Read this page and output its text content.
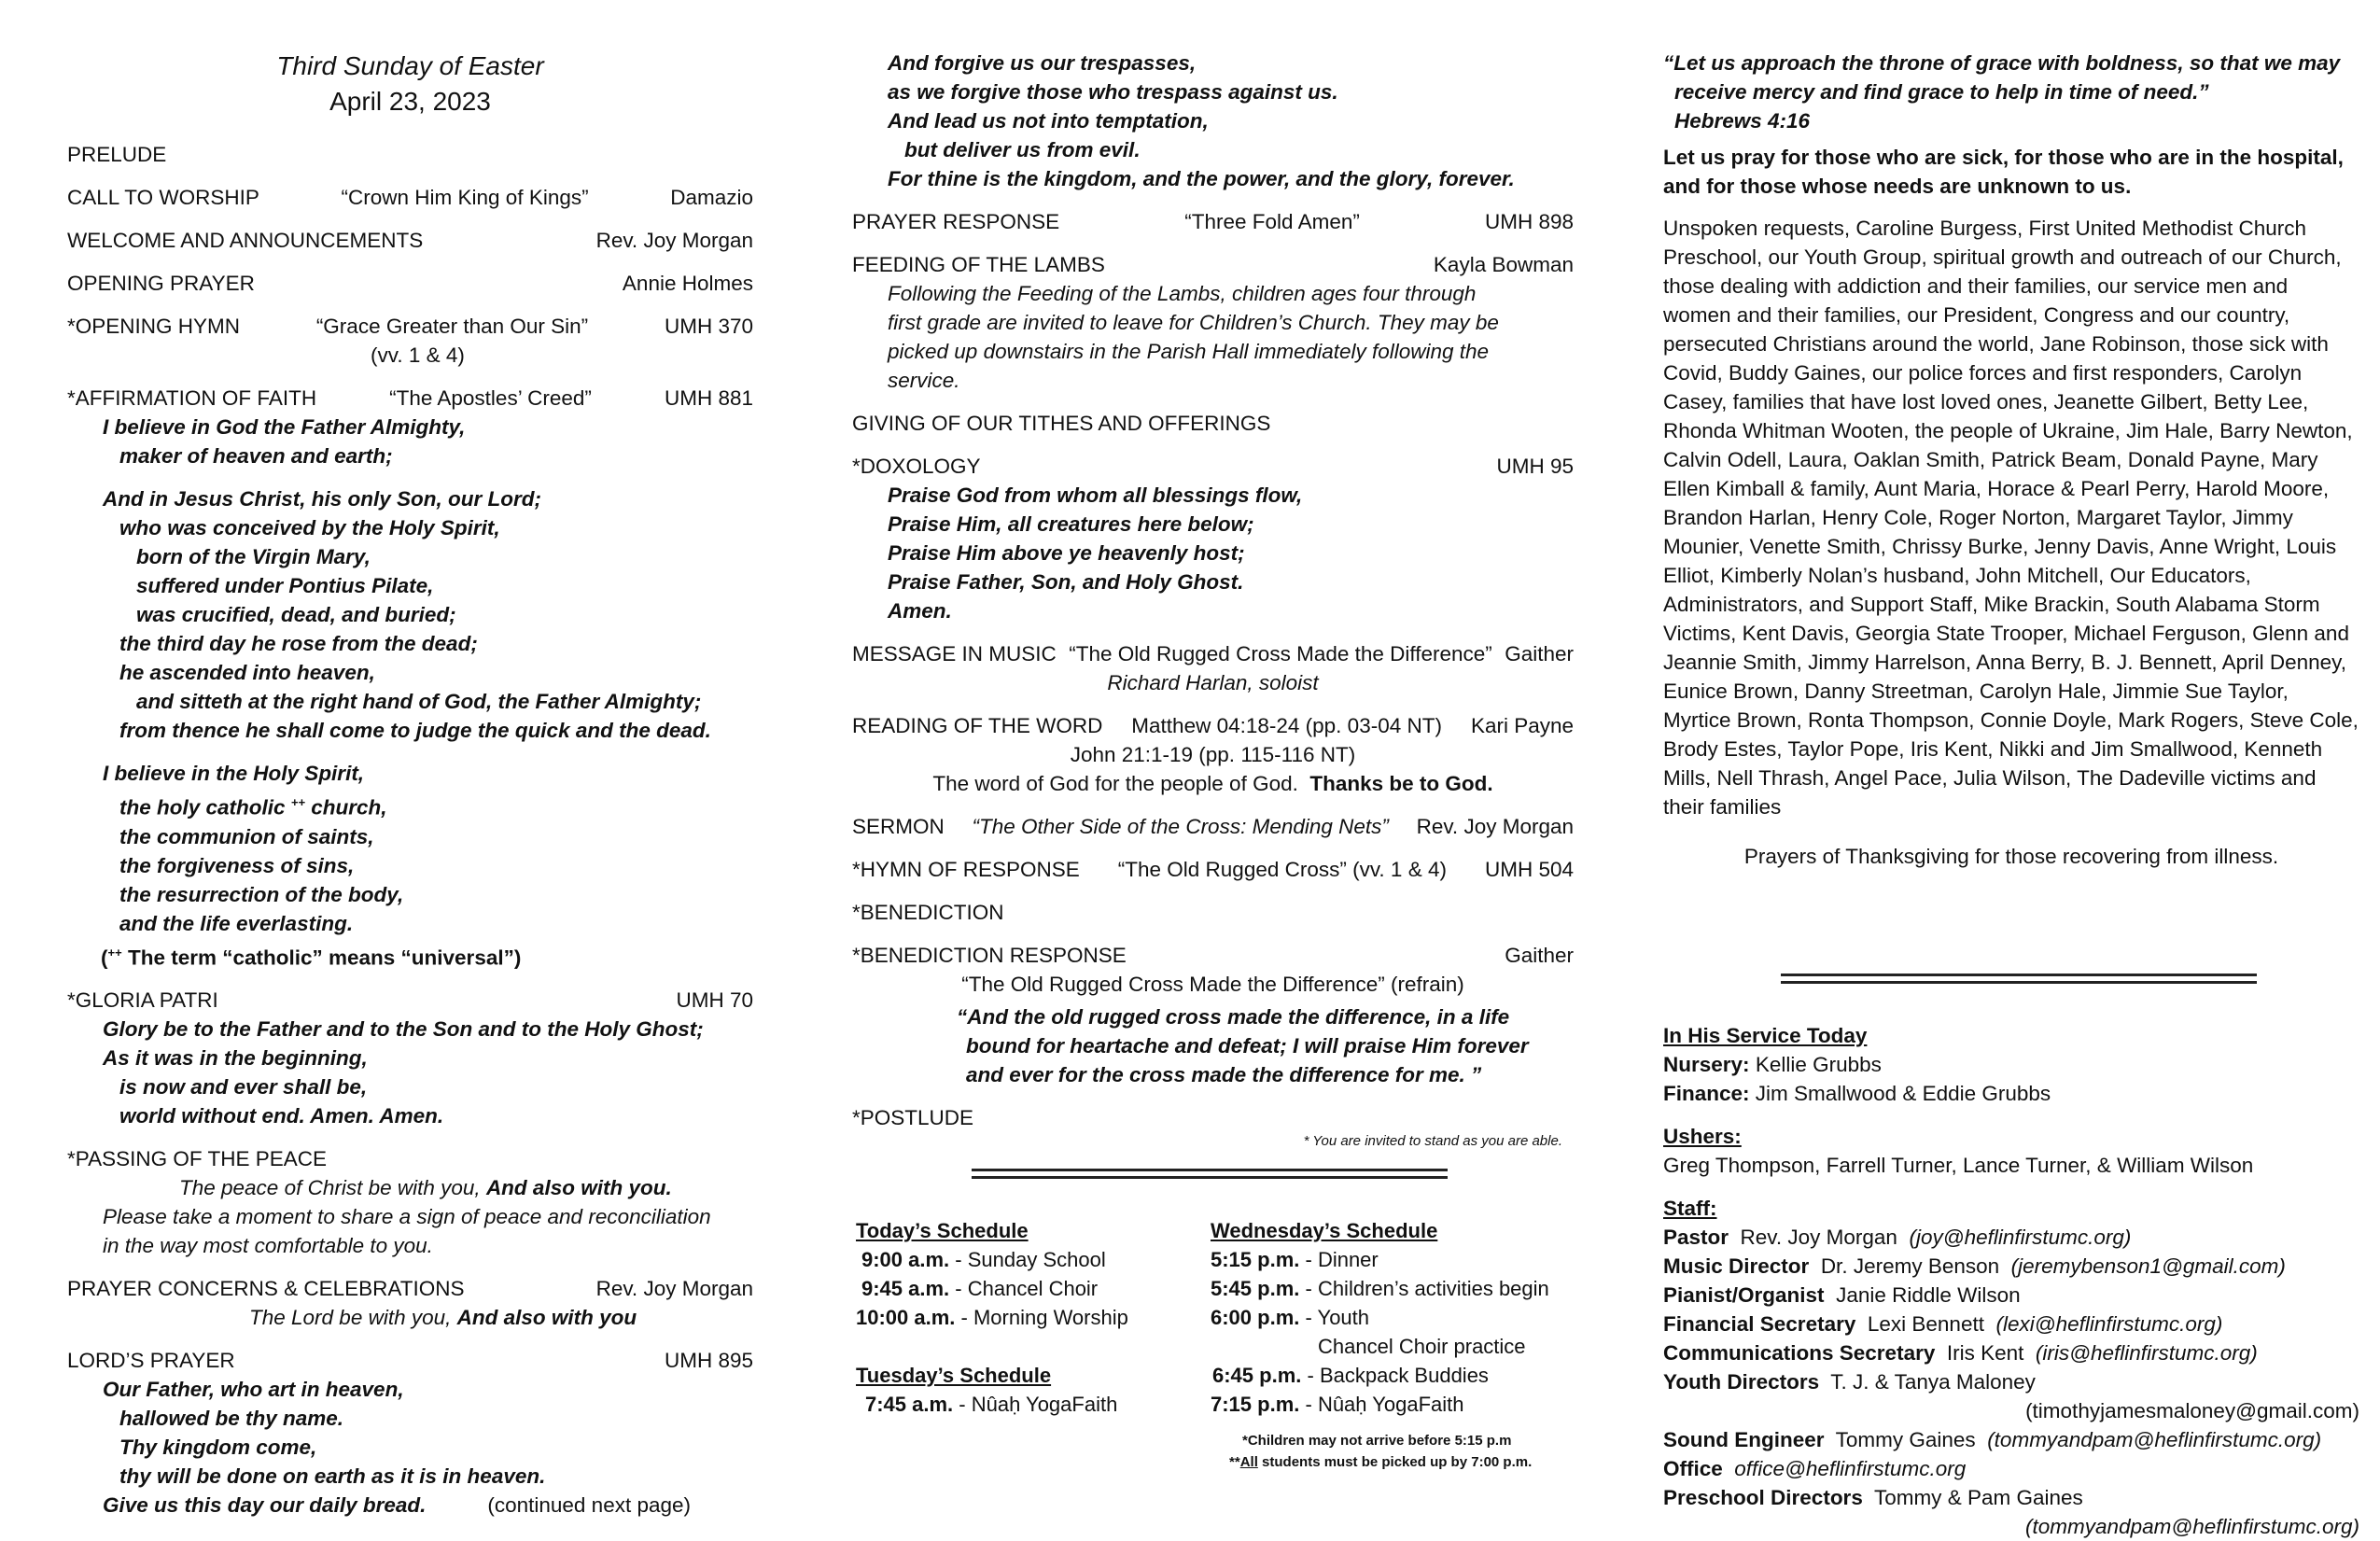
Third Sunday of Easter
April 23, 2023
PRELUDE
CALL TO WORSHIP	“Crown Him King of Kings”	Damazio
WELCOME AND ANNOUNCEMENTS	Rev. Joy Morgan
OPENING PRAYER	Annie Holmes
*OPENING HYMN	“Grace Greater than Our Sin”	UMH 370
(vv. 1 & 4)
*AFFIRMATION OF FAITH	“The Apostles’ Creed”	UMH 881
I believe in God the Father Almighty,
maker of heaven and earth;
And in Jesus Christ, his only Son, our Lord;
who was conceived by the Holy Spirit,
born of the Virgin Mary,
suffered under Pontius Pilate,
was crucified, dead, and buried;
the third day he rose from the dead;
he ascended into heaven,
and sitteth at the right hand of God, the Father Almighty;
from thence he shall come to judge the quick and the dead.
I believe in the Holy Spirit,
the holy catholic ++ church,
the communion of saints,
the forgiveness of sins,
the resurrection of the body,
and the life everlasting.
(++ The term “catholic” means “universal”)
*GLORIA PATRI	UMH 70
Glory be to the Father and to the Son and to the Holy Ghost;
As it was in the beginning,
is now and ever shall be,
world without end. Amen. Amen.
*PASSING OF THE PEACE
The peace of Christ be with you, And also with you.
Please take a moment to share a sign of peace and reconciliation
in the way most comfortable to you.
PRAYER CONCERNS & CELEBRATIONS	Rev. Joy Morgan
The Lord be with you, And also with you
LORD’S PRAYER	UMH 895
Our Father, who art in heaven,
hallowed be thy name.
Thy kingdom come,
thy will be done on earth as it is in heaven.
Give us this day our daily bread.	(continued next page)
And forgive us our trespasses,
as we forgive those who trespass against us.
And lead us not into temptation,
but deliver us from evil.
For thine is the kingdom, and the power, and the glory, forever.
PRAYER RESPONSE	“Three Fold Amen”	UMH 898
FEEDING OF THE LAMBS	Kayla Bowman
Following the Feeding of the Lambs, children ages four through
first grade are invited to leave for Children’s Church. They may be
picked up downstairs in the Parish Hall immediately following the
service.
GIVING OF OUR TITHES AND OFFERINGS
*DOXOLOGY	UMH 95
Praise God from whom all blessings flow,
Praise Him, all creatures here below;
Praise Him above ye heavenly host;
Praise Father, Son, and Holy Ghost.
Amen.
MESSAGE IN MUSIC “The Old Rugged Cross Made the Difference” Gaither
Richard Harlan, soloist
READING OF THE WORD	Matthew 04:18-24 (pp. 03-04 NT)	Kari Payne
John 21:1-19 (pp. 115-116 NT)
The word of God for the people of God. Thanks be to God.
SERMON	“The Other Side of the Cross: Mending Nets”	Rev. Joy Morgan
*HYMN OF RESPONSE	“The Old Rugged Cross” (vv. 1 & 4)	UMH 504
*BENEDICTION
*BENEDICTION RESPONSE	Gaither
“The Old Rugged Cross Made the Difference” (refrain)
“And the old rugged cross made the difference, in a life
bound for heartache and defeat; I will praise Him forever
and ever for the cross made the difference for me. ”
*POSTLUDE
* You are invited to stand as you are able.
Today’s Schedule
9:00 a.m. - Sunday School
9:45 a.m. - Chancel Choir
10:00 a.m. - Morning Worship
Tuesday’s Schedule
7:45 a.m. - Nûaḥ YogaFaith
Wednesday’s Schedule
5:15 p.m. - Dinner
5:45 p.m. - Children’s activities begin
6:00 p.m. - Youth
Chancel Choir practice
6:45 p.m. - Backpack Buddies
7:15 p.m. - Nûaḥ YogaFaith
*Children may not arrive before 5:15 p.m
**All students must be picked up by 7:00 p.m.
“Let us approach the throne of grace with boldness, so that we may
receive mercy and find grace to help in time of need.”
Hebrews 4:16
Let us pray for those who are sick, for those who are in the hospital, and for those whose needs are unknown to us.
Unspoken requests, Caroline Burgess, First United Methodist Church Preschool, our Youth Group, spiritual growth and outreach of our Church, those dealing with addiction and their families, our service men and women and their families, our President, Congress and our country, persecuted Christians around the world, Jane Robinson, those sick with Covid, Buddy Gaines, our police forces and first responders, Carolyn Casey, families that have lost loved ones, Jeanette Gilbert, Betty Lee, Rhonda Whitman Wooten, the people of Ukraine, Jim Hale, Barry Newton, Calvin Odell, Laura, Oaklan Smith, Patrick Beam, Donald Payne, Mary Ellen Kimball & family, Aunt Maria, Horace & Pearl Perry, Harold Moore, Brandon Harlan, Henry Cole, Roger Norton, Margaret Taylor, Jimmy Mounier, Venette Smith, Chrissy Burke, Jenny Davis, Anne Wright, Louis Elliot, Kimberly Nolan’s husband, John Mitchell, Our Educators, Administrators, and Support Staff, Mike Brackin, South Alabama Storm Victims, Kent Davis, Georgia State Trooper, Michael Ferguson, Glenn and Jeannie Smith, Jimmy Harrelson, Anna Berry, B. J. Bennett, April Denney, Eunice Brown, Danny Streetman, Carolyn Hale, Jimmie Sue Taylor, Myrtice Brown, Ronta Thompson, Connie Doyle, Mark Rogers, Steve Cole, Brody Estes, Taylor Pope, Iris Kent, Nikki and Jim Smallwood, Kenneth Mills, Nell Thrash, Angel Pace, Julia Wilson, The Dadeville victims and their families
Prayers of Thanksgiving for those recovering from illness.
In His Service Today
Nursery: Kellie Grubbs
Finance: Jim Smallwood & Eddie Grubbs
Ushers:
Greg Thompson, Farrell Turner, Lance Turner, & William Wilson
Staff:
Pastor Rev. Joy Morgan (joy@heflinfirstumc.org)
Music Director Dr. Jeremy Benson (jeremybenson1@gmail.com)
Pianist/Organist Janie Riddle Wilson
Financial Secretary Lexi Bennett (lexi@heflinfirstumc.org)
Communications Secretary Iris Kent (iris@heflinfirstumc.org)
Youth Directors T. J. & Tanya Maloney
(timothyjamesmaloney@gmail.com)
Sound Engineer Tommy Gaines (tommyandpam@heflinfirstumc.org)
Office office@heflinfirstumc.org
Preschool Directors Tommy & Pam Gaines
(tommyandpam@heflinfirstumc.org)
